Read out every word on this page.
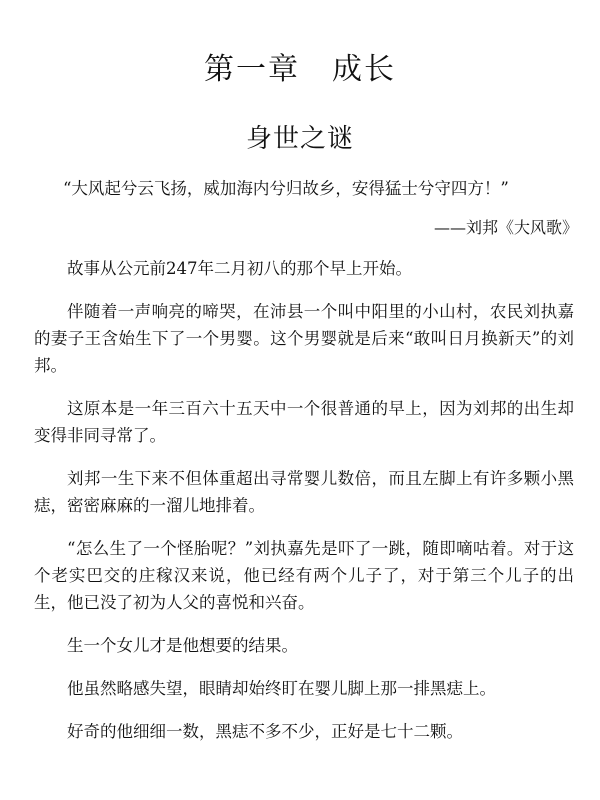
第一章　成长
身世之谜
“大风起兮云飞扬，威加海内兮归故乡，安得猛士兮守四方！”
——刘邦《大风歌》

故事从公元前247年二月初八的那个早上开始。

伴随着一声响亮的啼哭，在沛县一个叫中阳里的小山村，农民刘执嘉的妻子王含始生下了一个男婴。这个男婴就是后来“敢叫日月换新天”的刘邦。

这原本是一年三百六十五天中一个很普通的早上，因为刘邦的出生却变得非同寻常了。

刘邦一生下来不但体重超出寻常婴儿数倍，而且左脚上有许多颗小黑痣，密密麻麻的一溜儿地排着。

“怎么生了一个怪胎呢？”刘执嘉先是吓了一跳，随即嘀咕着。对于这个老实巴交的庄稼汉来说，他已经有两个儿子了，对于第三个儿子的出生，他已没了初为人父的喜悦和兴奋。

生一个女儿才是他想要的结果。

他虽然略感失望，眼睛却始终盯在婴儿脚上那一排黑痣上。

好奇的他细细一数，黑痣不多不少，正好是七十二颗。
